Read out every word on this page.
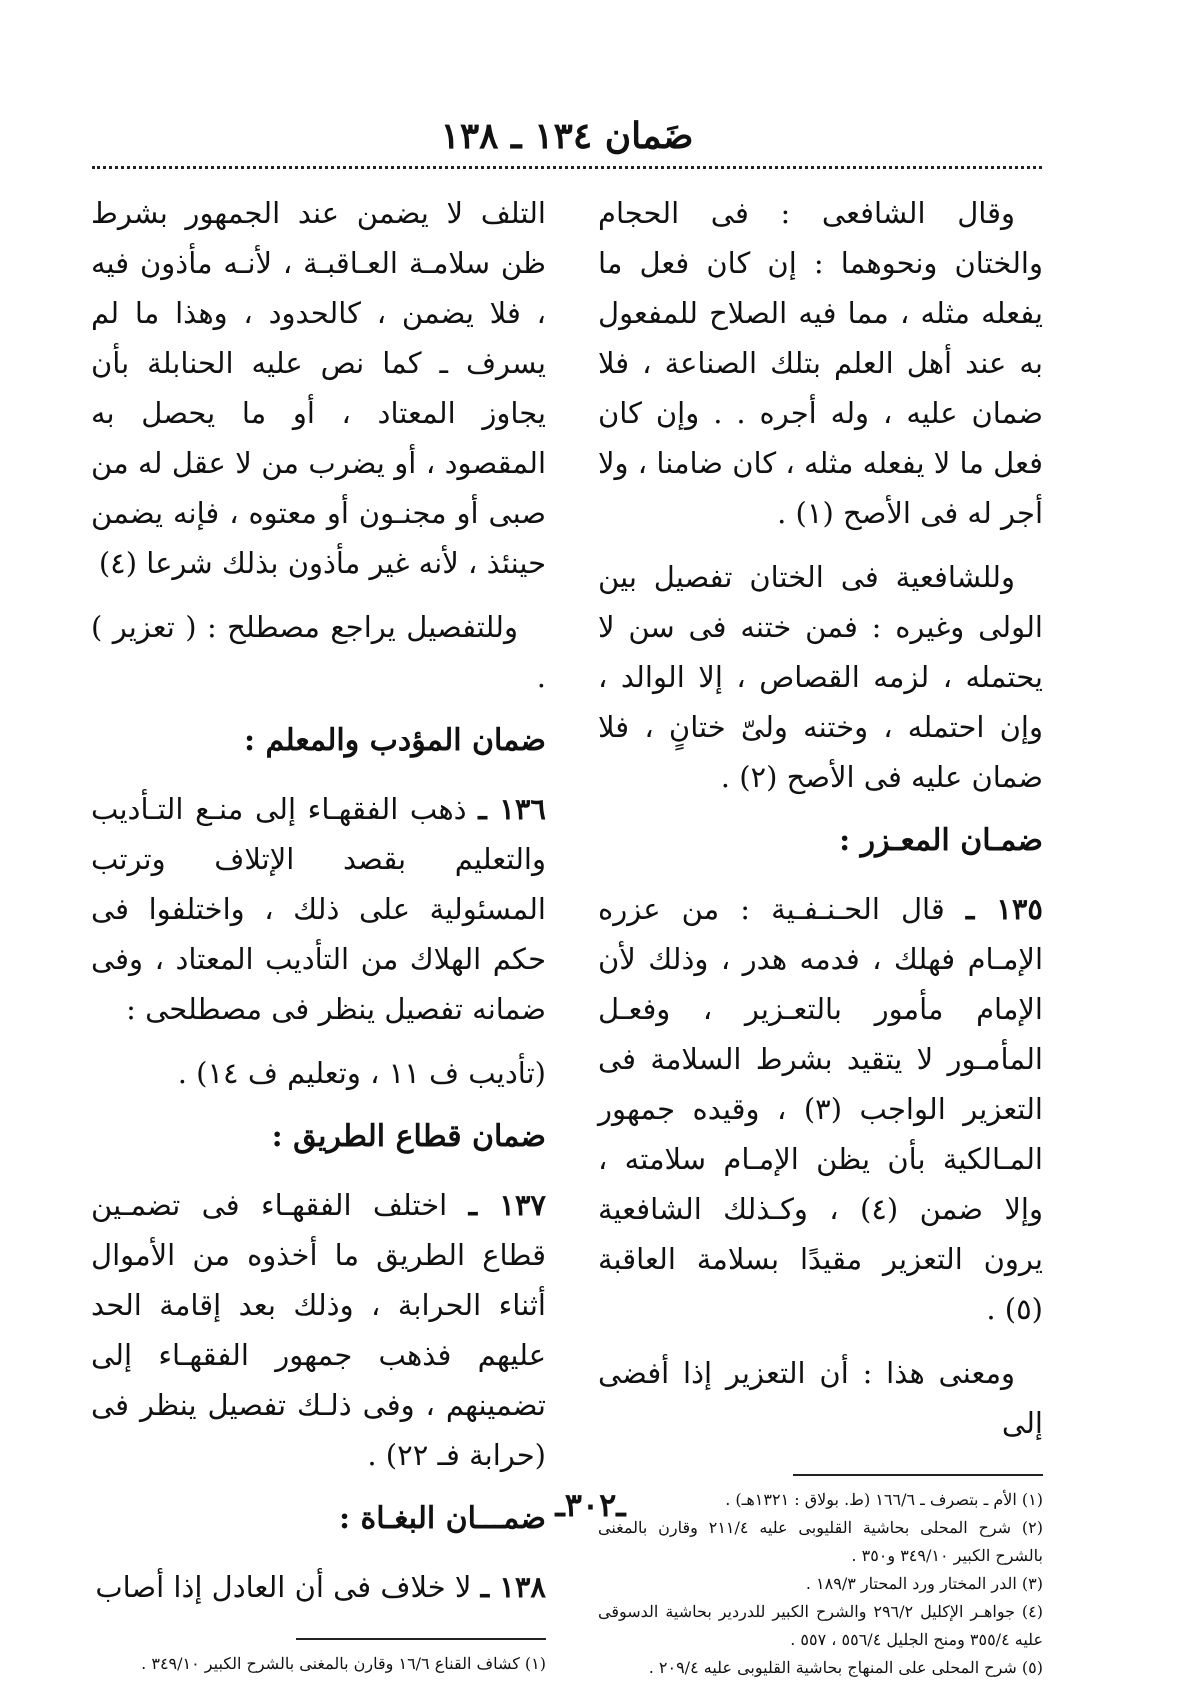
ضَمان ١٣٤ ـ ١٣٨

وقال الشافعى : فى الحجام والختان ونحوهما : إن كان فعل ما يفعله مثله ، مما فيه الصلاح للمفعول به عند أهل العلم بتلك الصناعة ، فلا ضمان عليه ، وله أجره . . وإن كان فعل ما لا يفعله مثله ، كان ضامنا ، ولا أجر له فى الأصح (١) .

وللشافعية فى الختان تفصيل بين الولى وغيره : فمن ختنه فى سن لا يحتمله ، لزمه القصاص ، إلا الوالد ، وإن احتمله ، وختنه ولىّ ختانٍ ، فلا ضمان عليه فى الأصح (٢) .

ضمـان المعـزر :

١٣٥ ـ قال الحـنـفـية : من عزره الإمـام فهلك ، فدمه هدر ، وذلك لأن الإمام مأمور بالتعـزير ، وفعـل المأمـور لا يتقيد بشرط السلامة فى التعزير الواجب (٣) ، وقيده جمهور المـالكية بأن يظن الإمـام سلامته ، وإلا ضمن (٤) ، وكـذلك الشافعية يرون التعزير مقيدًا بسلامة العاقبة (٥) .

ومعنى هذا : أن التعزير إذا أفضى إلى

(١) الأم ـ بتصرف ـ ١٦٦/٦ (ط. بولاق : ١٣٢١هـ) .
(٢) شرح المحلى بحاشية القليوبى عليه ٢١١/٤ وقارن بالمغنى بالشرح الكبير ٣٤٩/١٠ و٣٥٠ .
(٣) الدر المختار ورد المحتار ١٨٩/٣ .
(٤) جواهـر الإكليل ٢٩٦/٢ والشرح الكبير للدردير بحاشية الدسوقى عليه ٣٥٥/٤ ومنح الجليل ٥٥٦/٤ ، ٥٥٧ .
(٥) شرح المحلى على المنهاج بحاشية القليوبى عليه ٢٠٩/٤ .

التلف لا يضمن عند الجمهور بشرط ظن سلامـة العـاقبـة ، لأنـه مأذون فيه ، فلا يضمن ، كالحدود ، وهذا ما لم يسرف ـ كما نص عليه الحنابلة بأن يجاوز المعتاد ، أو ما يحصل به المقصود ، أو يضرب من لا عقل له من صبى أو مجنـون أو معتوه ، فإنه يضمن حينئذ ، لأنه غير مأذون بذلك شرعا (٤)

وللتفصيل يراجع مصطلح : ( تعزير ) .

ضمان المؤدب والمعلم :

١٣٦ ـ ذهب الفقهـاء إلى منـع التـأديب والتعليم بقصد الإتلاف وترتب المسئولية على ذلك ، واختلفوا فى حكم الهلاك من التأديب المعتاد ، وفى ضمانه تفصيل ينظر فى مصطلحى :

(تأديب ف ١١ ، وتعليم ف ١٤) .

ضمان قطاع الطريق :

١٣٧ ـ اختلف الفقهـاء فى تضمـين قطاع الطريق ما أخذوه من الأموال أثناء الحرابة ، وذلك بعد إقامة الحد عليهم فذهب جمهور الفقهـاء إلى تضمينهم ، وفى ذلـك تفصيل ينظر فى (حرابة فـ ٢٢) .

ضمـــان البغـاة :

١٣٨ ـ لا خلاف فى أن العادل إذا أصاب

(١) كشاف القناع ١٦/٦ وقارن بالمغنى بالشرح الكبير ٣٤٩/١٠ .
ـ٣٠٢ـ
